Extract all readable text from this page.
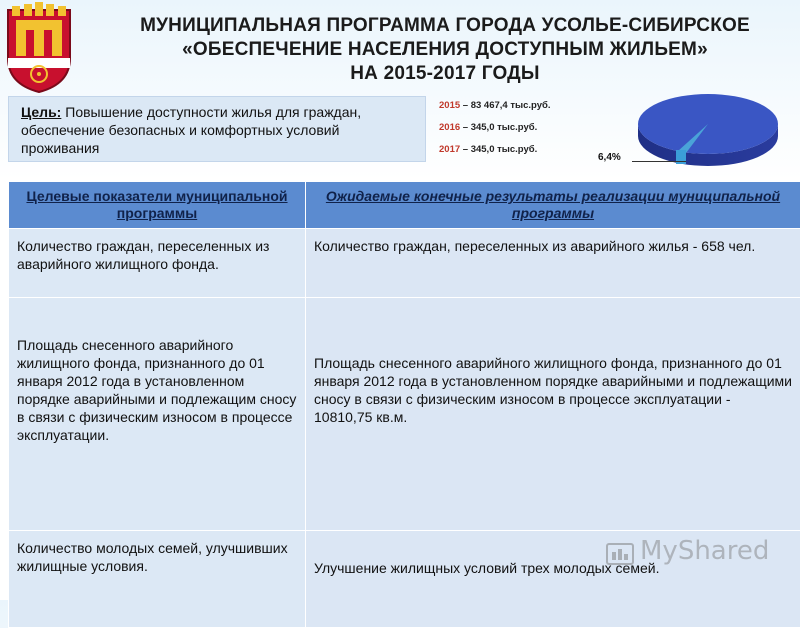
МУНИЦИПАЛЬНАЯ ПРОГРАММА ГОРОДА УСОЛЬЕ-СИБИРСКОЕ
«ОБЕСПЕЧЕНИЕ НАСЕЛЕНИЯ ДОСТУПНЫМ ЖИЛЬЕМ»
НА 2015-2017 ГОДЫ
Цель: Повышение доступности жилья для граждан, обеспечение безопасных и комфортных условий проживания
2015 – 83 467,4 тыс.руб.
2016 – 345,0 тыс.руб.
2017 – 345,0 тыс.руб.
6,4%
Целевые показатели муниципальной программы	Ожидаемые конечные результаты реализации муниципальной программы
Количество граждан, переселенных из аварийного жилищного фонда.	Количество граждан, переселенных из аварийного жилья - 658 чел.
Площадь снесенного аварийного жилищного фонда, признанного до 01 января 2012 года в установленном порядке аварийными и подлежащим сносу в связи с физическим износом в процессе эксплуатации.	Площадь снесенного аварийного жилищного фонда, признанного до 01 января 2012 года в установленном порядке аварийными и подлежащими сносу в связи с физическим износом в процессе эксплуатации - 10810,75 кв.м.
Количество молодых семей, улучшивших жилищные условия.	Улучшение жилищных условий трех молодых семей.
MyShared
